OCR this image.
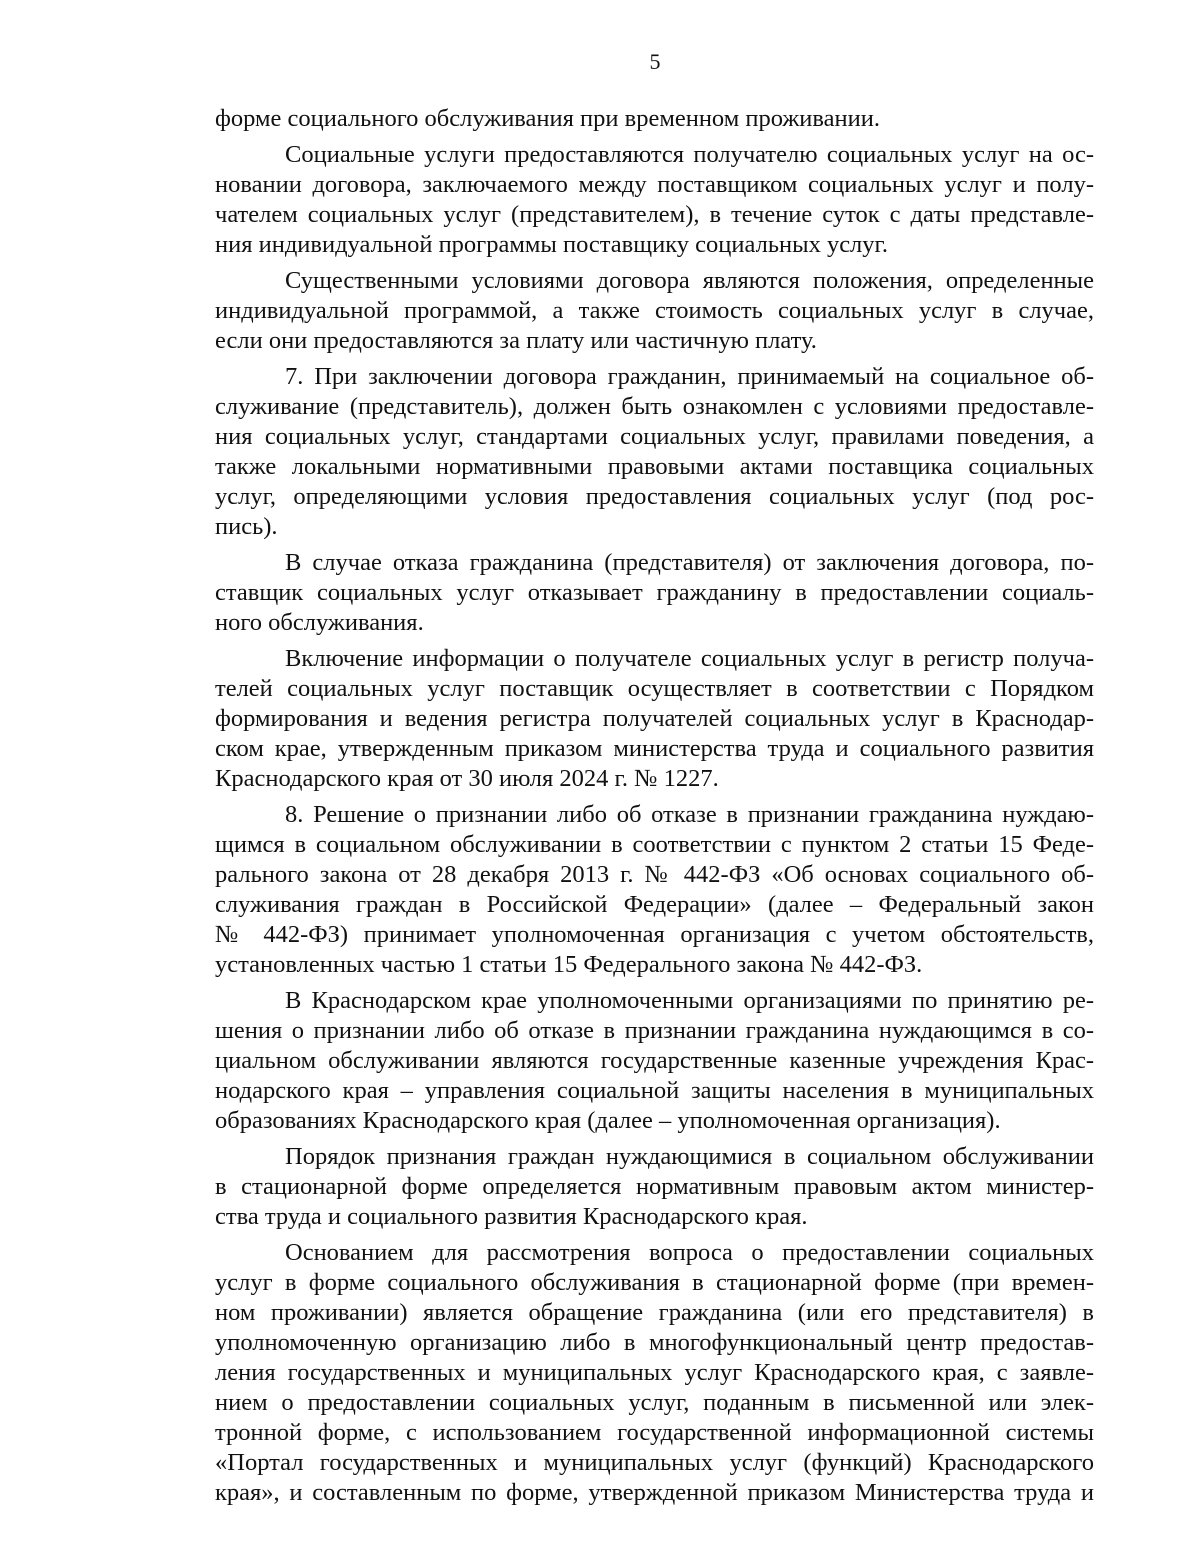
5
форме социального обслуживания при временном проживании.
Социальные услуги предоставляются получателю социальных услуг на ос-
новании договора, заключаемого между поставщиком социальных услуг и полу-
чателем социальных услуг (представителем), в течение суток с даты представле-
ния индивидуальной программы поставщику социальных услуг.
Существенными условиями договора являются положения, определенные
индивидуальной программой, а также стоимость социальных услуг в случае,
если они предоставляются за плату или частичную плату.
7. При заключении договора гражданин, принимаемый на социальное об-
служивание (представитель), должен быть ознакомлен с условиями предоставле-
ния социальных услуг, стандартами социальных услуг, правилами поведения, а
также локальными нормативными правовыми актами поставщика социальных
услуг, определяющими условия предоставления социальных услуг (под рос-
пись).
В случае отказа гражданина (представителя) от заключения договора, по-
ставщик социальных услуг отказывает гражданину в предоставлении социаль-
ного обслуживания.
Включение информации о получателе социальных услуг в регистр получа-
телей социальных услуг поставщик осуществляет в соответствии с Порядком
формирования и ведения регистра получателей социальных услуг в Краснодар-
ском крае, утвержденным приказом министерства труда и социального развития
Краснодарского края от 30 июля 2024 г. № 1227.
8. Решение о признании либо об отказе в признании гражданина нуждаю-
щимся в социальном обслуживании в соответствии с пунктом 2 статьи 15 Феде-
рального закона от 28 декабря 2013 г. № 442-ФЗ «Об основах социального об-
служивания граждан в Российской Федерации» (далее – Федеральный закон
№ 442-ФЗ) принимает уполномоченная организация с учетом обстоятельств,
установленных частью 1 статьи 15 Федерального закона № 442-ФЗ.
В Краснодарском крае уполномоченными организациями по принятию ре-
шения о признании либо об отказе в признании гражданина нуждающимся в со-
циальном обслуживании являются государственные казенные учреждения Крас-
нодарского края – управления социальной защиты населения в муниципальных
образованиях Краснодарского края (далее – уполномоченная организация).
Порядок признания граждан нуждающимися в социальном обслуживании
в стационарной форме определяется нормативным правовым актом министер-
ства труда и социального развития Краснодарского края.
Основанием для рассмотрения вопроса о предоставлении социальных
услуг в форме социального обслуживания в стационарной форме (при времен-
ном проживании) является обращение гражданина (или его представителя) в
уполномоченную организацию либо в многофункциональный центр предостав-
ления государственных и муниципальных услуг Краснодарского края, с заявле-
нием о предоставлении социальных услуг, поданным в письменной или элек-
тронной форме, с использованием государственной информационной системы
«Портал государственных и муниципальных услуг (функций) Краснодарского
края», и составленным по форме, утвержденной приказом Министерства труда и
